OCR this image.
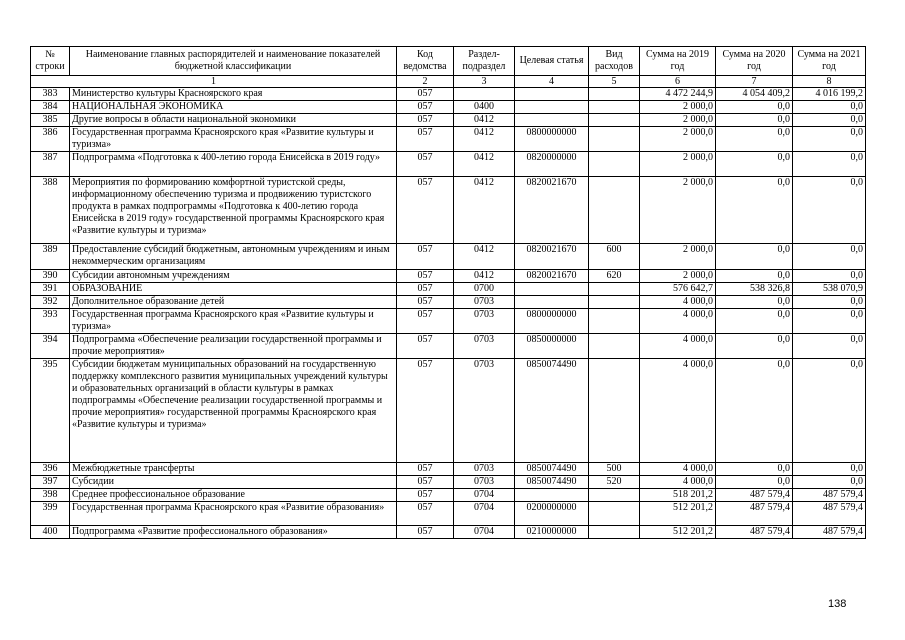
№ строки	Наименование главных распорядителей и наименование показателей бюджетной классификации	Код ведомства	Раздел-подраздел	Целевая статья	Вид расходов	Сумма на 2019 год	Сумма на 2020 год	Сумма на 2021 год
1		2	3	4	5	6	7	8
383	Министерство культуры Красноярского края	057				4 472 244,9	4 054 409,2	4 016 199,2
384	НАЦИОНАЛЬНАЯ ЭКОНОМИКА	057	0400			2 000,0	0,0	0,0
385	Другие вопросы в области национальной экономики	057	0412			2 000,0	0,0	0,0
386	Государственная программа Красноярского края «Развитие культуры и туризма»	057	0412	0800000000		2 000,0	0,0	0,0
387	Подпрограмма «Подготовка к 400-летию города Енисейска в 2019 году»	057	0412	0820000000		2 000,0	0,0	0,0
388	Мероприятия по формированию комфортной туристской среды, информационному обеспечению туризма и продвижению туристского продукта в рамках подпрограммы «Подготовка к 400-летию города Енисейска в 2019 году» государственной программы Красноярского края «Развитие культуры и туризма»	057	0412	0820021670		2 000,0	0,0	0,0
389	Предоставление субсидий бюджетным, автономным учреждениям и иным некоммерческим организациям	057	0412	0820021670	600	2 000,0	0,0	0,0
390	Субсидии автономным учреждениям	057	0412	0820021670	620	2 000,0	0,0	0,0
391	ОБРАЗОВАНИЕ	057	0700			576 642,7	538 326,8	538 070,9
392	Дополнительное образование детей	057	0703			4 000,0	0,0	0,0
393	Государственная программа Красноярского края «Развитие культуры и туризма»	057	0703	0800000000		4 000,0	0,0	0,0
394	Подпрограмма «Обеспечение реализации государственной программы и прочие мероприятия»	057	0703	0850000000		4 000,0	0,0	0,0
395	Субсидии бюджетам муниципальных образований на государственную поддержку комплексного развития муниципальных учреждений культуры и образовательных организаций в области культуры в рамках подпрограммы «Обеспечение реализации государственной программы и прочие мероприятия» государственной программы Красноярского края «Развитие культуры и туризма»	057	0703	0850074490		4 000,0	0,0	0,0
396	Межбюджетные трансферты	057	0703	0850074490	500	4 000,0	0,0	0,0
397	Субсидии	057	0703	0850074490	520	4 000,0	0,0	0,0
398	Среднее профессиональное образование	057	0704			518 201,2	487 579,4	487 579,4
399	Государственная программа Красноярского края «Развитие образования»	057	0704	0200000000		512 201,2	487 579,4	487 579,4
400	Подпрограмма «Развитие профессионального образования»	057	0704	0210000000		512 201,2	487 579,4	487 579,4
138
